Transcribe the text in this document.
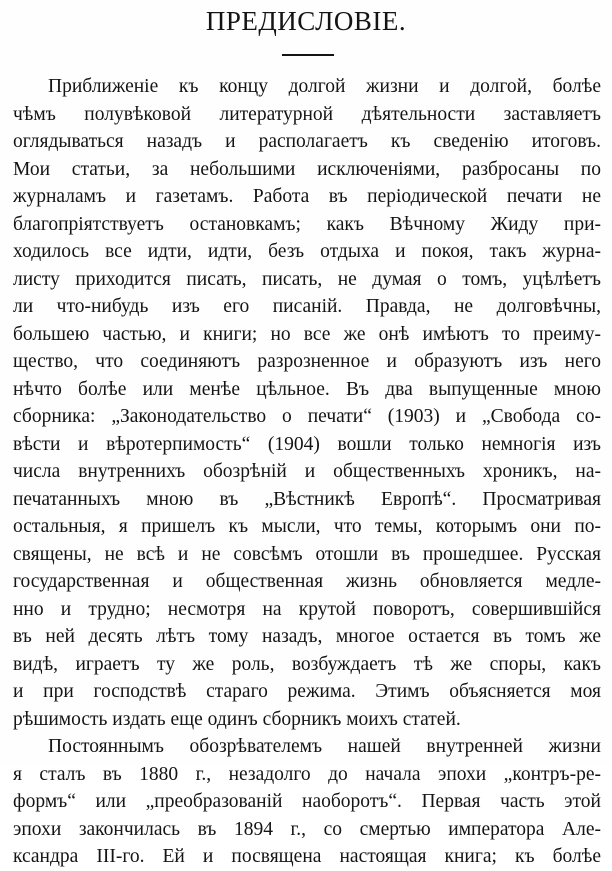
ПРЕДИСЛОВІЕ.
Приближеніе къ концу долгой жизни и долгой, болѣе
чѣмъ полувѣковой литературной дѣятельности заставляетъ
оглядываться назадъ и располагаетъ къ сведенію итоговъ.
Мои статьи, за небольшими исключеніями, разбросаны по
журналамъ и газетамъ. Работа въ періодической печати не
благопріятствуетъ остановкамъ; какъ Вѣчному Жиду при-
ходилось все идти, идти, безъ отдыха и покоя, такъ журна-
листу приходится писать, писать, не думая о томъ, уцѣлѣетъ
ли что-нибудь изъ его писаній. Правда, не долговѣчны,
большею частью, и книги; но все же онѣ имѣютъ то преиму-
щество, что соединяютъ разрозненное и образуютъ изъ него
нѣчто болѣе или менѣе цѣльное. Въ два выпущенные мною
сборника: „Законодательство о печати“ (1903) и „Свобода со-
вѣсти и вѣротерпимость“ (1904) вошли только немногія изъ
числа внутреннихъ обозрѣній и общественныхъ хроникъ, на-
печатанныхъ мною въ „Вѣстникѣ Европѣ“. Просматривая
остальныя, я пришелъ къ мысли, что темы, которымъ они по-
священы, не всѣ и не совсѣмъ отошли въ прошедшее. Русская
государственная и общественная жизнь обновляется медле-
нно и трудно; несмотря на крутой поворотъ, совершившійся
въ ней десять лѣтъ тому назадъ, многое остается въ томъ же
видѣ, играетъ ту же роль, возбуждаетъ тѣ же споры, какъ
и при господствѣ стараго режима. Этимъ объясняется моя
рѣшимость издать еще одинъ сборникъ моихъ статей.
Постояннымъ обозрѣвателемъ нашей внутренней жизни
я сталъ въ 1880 г., незадолго до начала эпохи „контръ-ре-
формъ“ или „преобразованій наоборотъ“. Первая часть этой
эпохи закончилась въ 1894 г., со смертью императора Але-
ксандра III-го. Ей и посвящена настоящая книга; къ болѣе
